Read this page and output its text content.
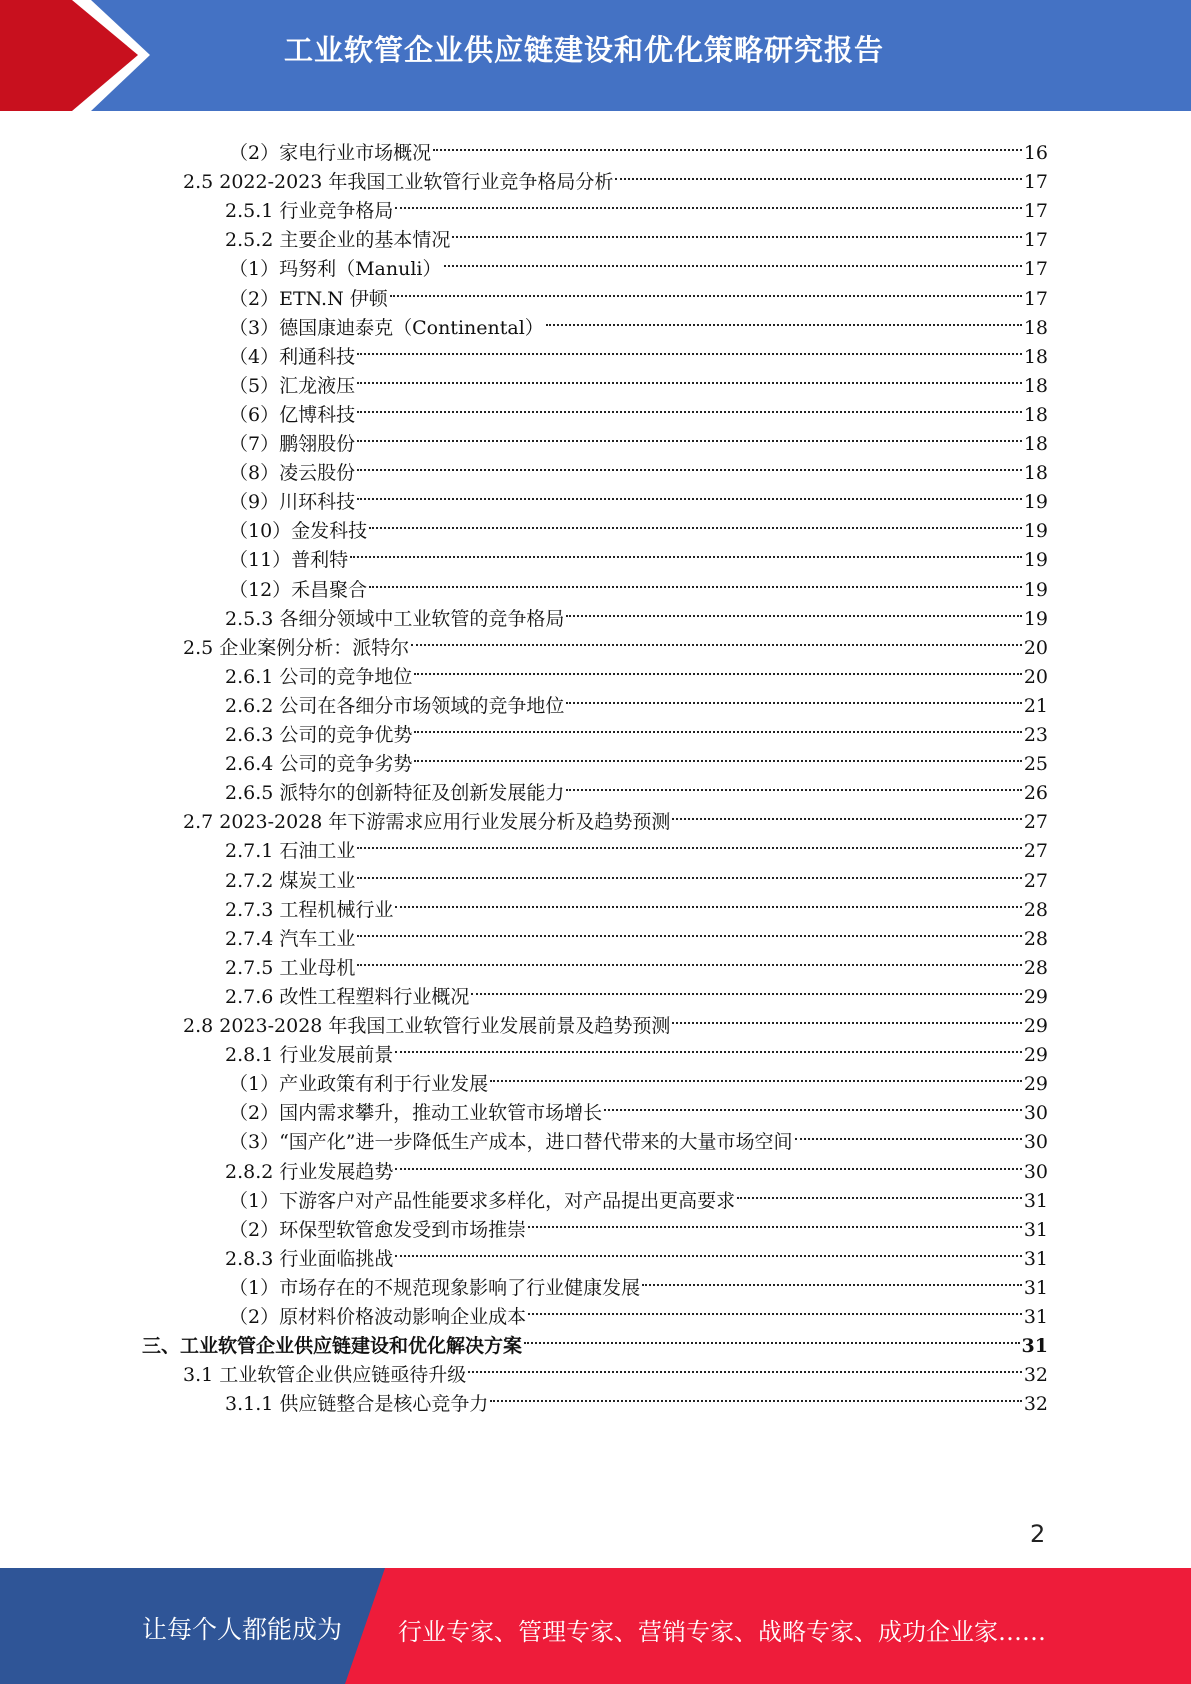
工业软管企业供应链建设和优化策略研究报告
（2）家电行业市场概况	16
2.5 2022-2023 年我国工业软管行业竞争格局分析	17
2.5.1 行业竞争格局	17
2.5.2 主要企业的基本情况	17
（1）玛努利（Manuli）	17
（2）ETN.N 伊顿	17
（3）德国康迪泰克（Continental）	18
（4）利通科技	18
（5）汇龙液压	18
（6）亿博科技	18
（7）鹏翎股份	18
（8）凌云股份	18
（9）川环科技	19
（10）金发科技	19
（11）普利特	19
（12）禾昌聚合	19
2.5.3 各细分领域中工业软管的竞争格局	19
2.5 企业案例分析：派特尔	20
2.6.1 公司的竞争地位	20
2.6.2 公司在各细分市场领域的竞争地位	21
2.6.3 公司的竞争优势	23
2.6.4 公司的竞争劣势	25
2.6.5 派特尔的创新特征及创新发展能力	26
2.7 2023-2028 年下游需求应用行业发展分析及趋势预测	27
2.7.1 石油工业	27
2.7.2 煤炭工业	27
2.7.3 工程机械行业	28
2.7.4 汽车工业	28
2.7.5 工业母机	28
2.7.6 改性工程塑料行业概况	29
2.8 2023-2028 年我国工业软管行业发展前景及趋势预测	29
2.8.1 行业发展前景	29
（1）产业政策有利于行业发展	29
（2）国内需求攀升，推动工业软管市场增长	30
（3）“国产化”进一步降低生产成本，进口替代带来的大量市场空间	30
2.8.2 行业发展趋势	30
（1）下游客户对产品性能要求多样化，对产品提出更高要求	31
（2）环保型软管愈发受到市场推崇	31
2.8.3 行业面临挑战	31
（1）市场存在的不规范现象影响了行业健康发展	31
（2）原材料价格波动影响企业成本	31
三、工业软管企业供应链建设和优化解决方案	31
3.1 工业软管企业供应链亟待升级	32
3.1.1 供应链整合是核心竞争力	32
2
让每个人都能成为 行业专家、管理专家、营销专家、战略专家、成功企业家……
